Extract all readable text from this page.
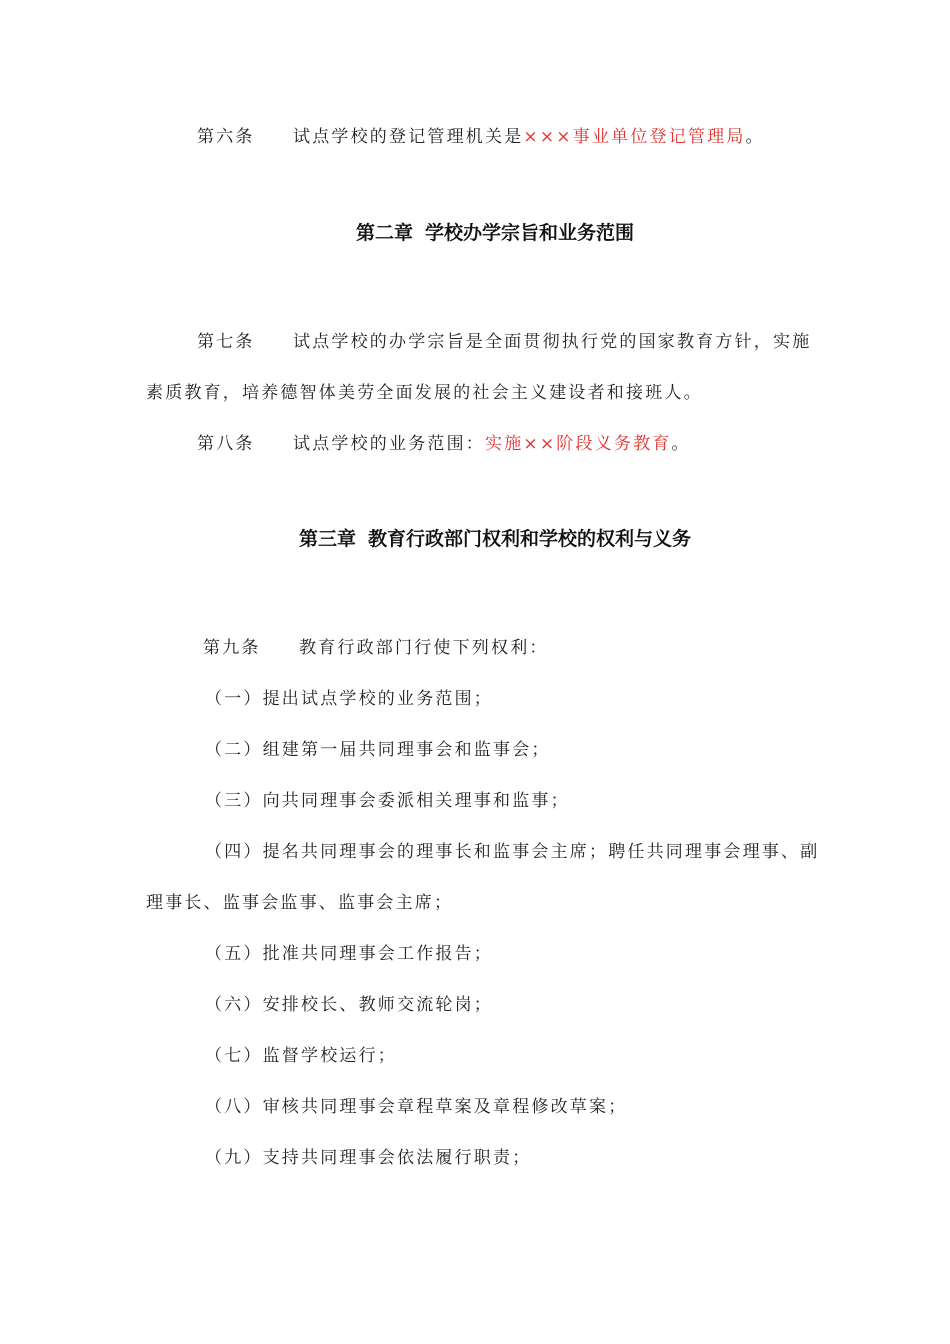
第六条 试点学校的登记管理机关是×××事业单位登记管理局。
第二章 学校办学宗旨和业务范围
第七条 试点学校的办学宗旨是全面贯彻执行党的国家教育方针，实施
素质教育，培养德智体美劳全面发展的社会主义建设者和接班人。
第八条 试点学校的业务范围：实施××阶段义务教育。
第三章 教育行政部门权利和学校的权利与义务
第九条 教育行政部门行使下列权利：
（一）提出试点学校的业务范围；
（二）组建第一届共同理事会和监事会；
（三）向共同理事会委派相关理事和监事；
（四）提名共同理事会的理事长和监事会主席；聘任共同理事会理事、副
理事长、监事会监事、监事会主席；
（五）批准共同理事会工作报告；
（六）安排校长、教师交流轮岗；
（七）监督学校运行；
（八）审核共同理事会章程草案及章程修改草案；
（九）支持共同理事会依法履行职责；
